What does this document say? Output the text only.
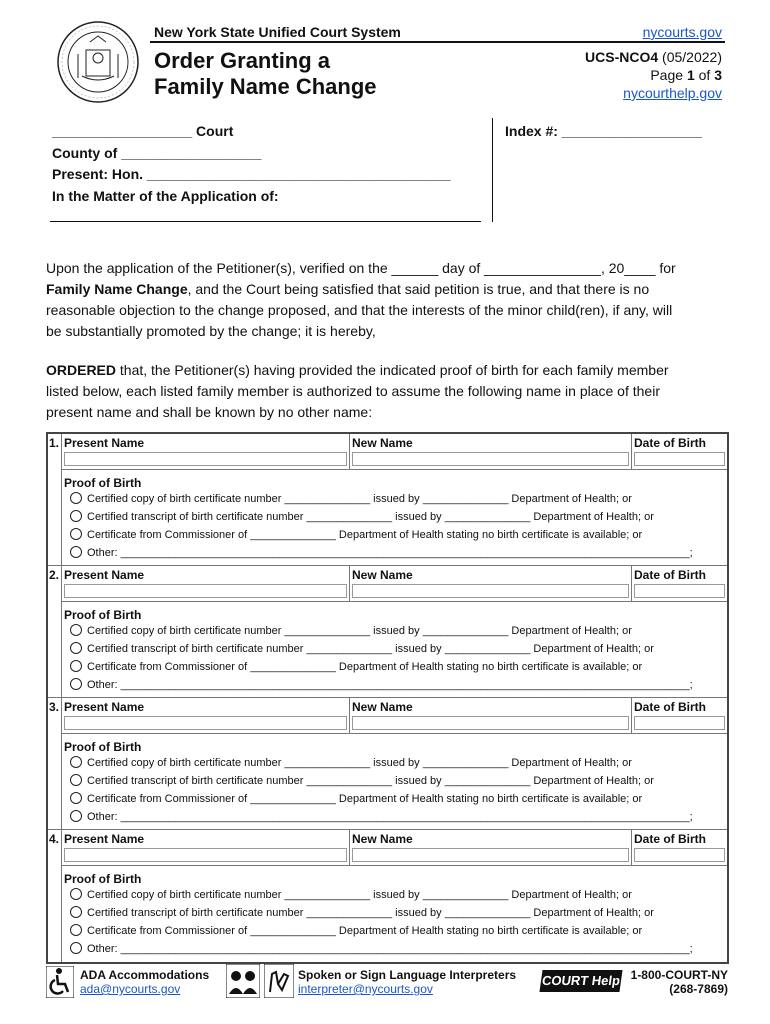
New York State Unified Court System
Order Granting a
Family Name Change
nycourts.gov
UCS-NCO4 (05/2022)
Page 1 of 3
nycourthelp.gov
__________________ Court
County of __________________
Present: Hon. _______________________________________
In the Matter of the Application of:
Index #: __________________
Upon the application of the Petitioner(s), verified on the ______ day of _______________, 20____ for
Family Name Change, and the Court being satisfied that said petition is true, and that there is no
reasonable objection to the change proposed, and that the interests of the minor child(ren), if any, will
be substantially promoted by the change; it is hereby,
ORDERED that, the Petitioner(s) having provided the indicated proof of birth for each family member
listed below, each listed family member is authorized to assume the following name in place of their
present name and shall be known by no other name:
1. Present Name	New Name	Date of Birth
Proof of Birth
Certified copy of birth certificate number ______________ issued by ______________ Department of Health; or
Certified transcript of birth certificate number ______________ issued by ______________ Department of Health; or
Certificate from Commissioner of ______________ Department of Health stating no birth certificate is available; or
Other: _____________________________________________________________________________________________;
2. Present Name	New Name	Date of Birth
Proof of Birth
Certified copy of birth certificate number ______________ issued by ______________ Department of Health; or
Certified transcript of birth certificate number ______________ issued by ______________ Department of Health; or
Certificate from Commissioner of ______________ Department of Health stating no birth certificate is available; or
Other: _____________________________________________________________________________________________;
3. Present Name	New Name	Date of Birth
Proof of Birth
Certified copy of birth certificate number ______________ issued by ______________ Department of Health; or
Certified transcript of birth certificate number ______________ issued by ______________ Department of Health; or
Certificate from Commissioner of ______________ Department of Health stating no birth certificate is available; or
Other: _____________________________________________________________________________________________;
4. Present Name	New Name	Date of Birth
Proof of Birth
Certified copy of birth certificate number ______________ issued by ______________ Department of Health; or
Certified transcript of birth certificate number ______________ issued by ______________ Department of Health; or
Certificate from Commissioner of ______________ Department of Health stating no birth certificate is available; or
Other: _____________________________________________________________________________________________;
ADA Accommodations
ada@nycourts.gov
Spoken or Sign Language Interpreters
interpreter@nycourts.gov
COURT Help 1-800-COURT-NY
(268-7869)
